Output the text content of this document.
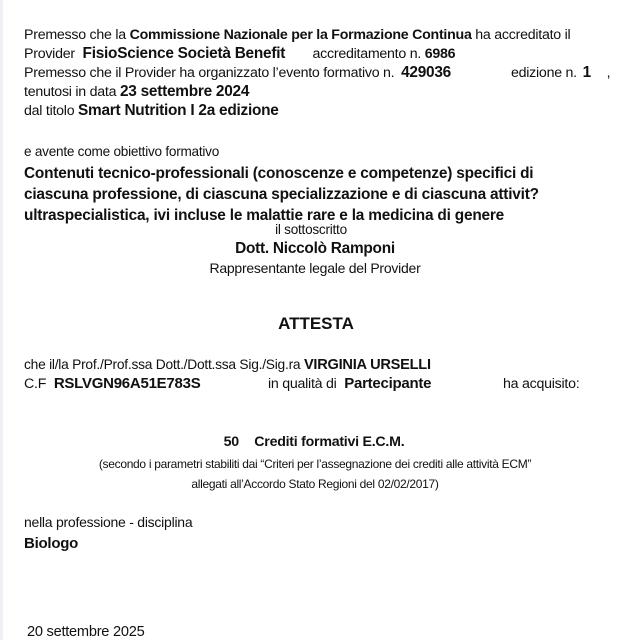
Premesso che la Commissione Nazionale per la Formazione Continua ha accreditato il
Provider FisioScience Società Benefit accreditamento n. 6986
Premesso che il Provider ha organizzato l’evento formativo n. 429036	edizione n. 1 ,
tenutosi in data 23 settembre 2024
dal titolo Smart Nutrition I 2a edizione
e avente come obiettivo formativo
Contenuti tecnico-professionali (conoscenze e competenze) specifici di
ciascuna professione, di ciascuna specializzazione e di ciascuna attivit?
ultraspecialistica, ivi incluse le malattie rare e la medicina di genere
il sottoscritto
Dott. Niccolò Ramponi
Rappresentante legale del Provider
ATTESTA
che il/la Prof./Prof.ssa Dott./Dott.ssa Sig./Sig.ra VIRGINIA URSELLI
C.F RSLVGN96A51E783S	in qualità di Partecipante	ha acquisito:
50 Crediti formativi E.C.M.
(secondo i parametri stabiliti dai “Criteri per l’assegnazione dei crediti alle attività ECM”
allegati all’Accordo Stato Regioni del 02/02/2017)
nella professione - disciplina
Biologo
20 settembre 2025
